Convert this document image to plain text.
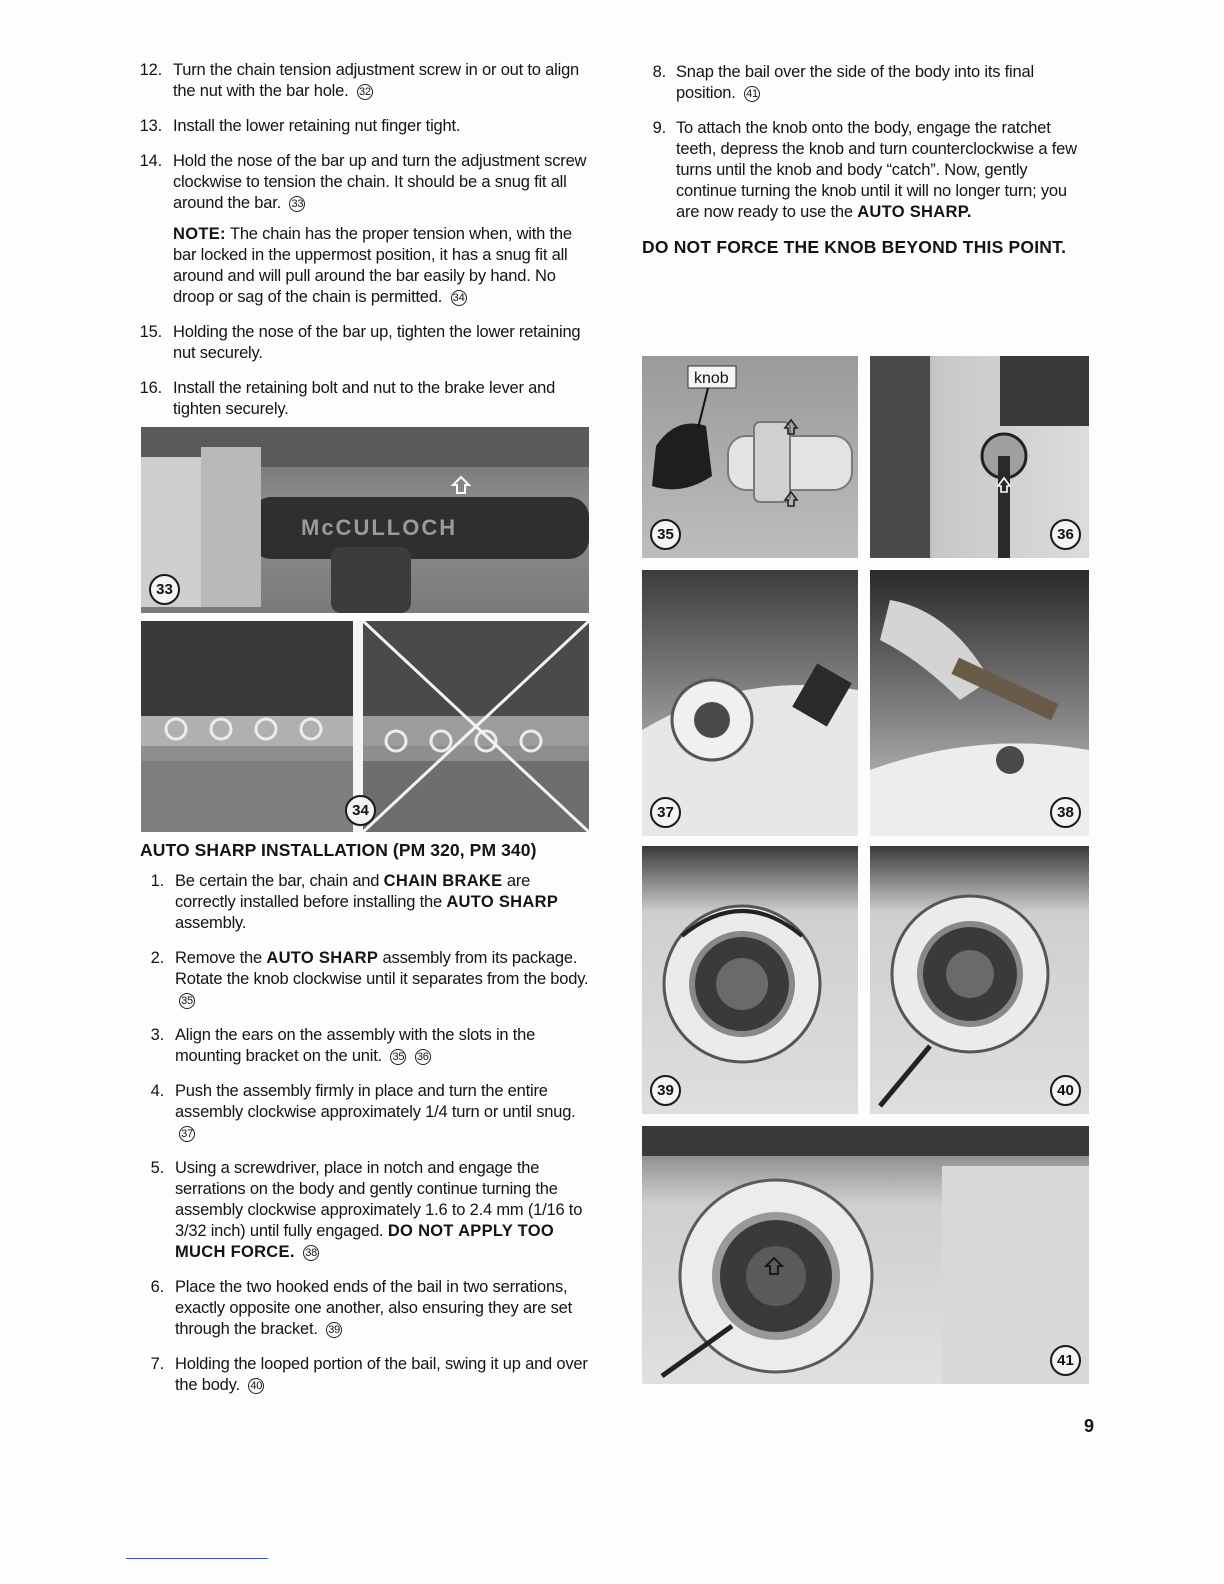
12. Turn the chain tension adjustment screw in or out to align the nut with the bar hole. 32
13. Install the lower retaining nut finger tight.
14. Hold the nose of the bar up and turn the adjustment screw clockwise to tension the chain. It should be a snug fit all around the bar. 33
NOTE: The chain has the proper tension when, with the bar locked in the uppermost position, it has a snug fit all around and will pull around the bar easily by hand. No droop or sag of the chain is permitted. 34
15. Holding the nose of the bar up, tighten the lower retaining nut securely.
16. Install the retaining bolt and nut to the brake lever and tighten securely.
McCULLOCH
33
34
AUTO SHARP INSTALLATION (PM 320, PM 340)
1. Be certain the bar, chain and CHAIN BRAKE are correctly installed before installing the AUTO SHARP assembly.
2. Remove the AUTO SHARP assembly from its package. Rotate the knob clockwise until it separates from the body. 35
3. Align the ears on the assembly with the slots in the mounting bracket on the unit. 35 36
4. Push the assembly firmly in place and turn the entire assembly clockwise approximately 1/4 turn or until snug. 37
5. Using a screwdriver, place in notch and engage the serrations on the body and gently continue turning the assembly clockwise approximately 1.6 to 2.4 mm (1/16 to 3/32 inch) until fully engaged. DO NOT APPLY TOO MUCH FORCE. 38
6. Place the two hooked ends of the bail in two serrations, exactly opposite one another, also ensuring they are set through the bracket. 39
7. Holding the looped portion of the bail, swing it up and over the body. 40
8. Snap the bail over the side of the body into its final position. 41
9. To attach the knob onto the body, engage the ratchet teeth, depress the knob and turn counterclockwise a few turns until the knob and body “catch”. Now, gently continue turning the knob until it will no longer turn; you are now ready to use the AUTO SHARP.
DO NOT FORCE THE KNOB BEYOND THIS POINT.
knob
35	36
37	38
39	40
41
9
